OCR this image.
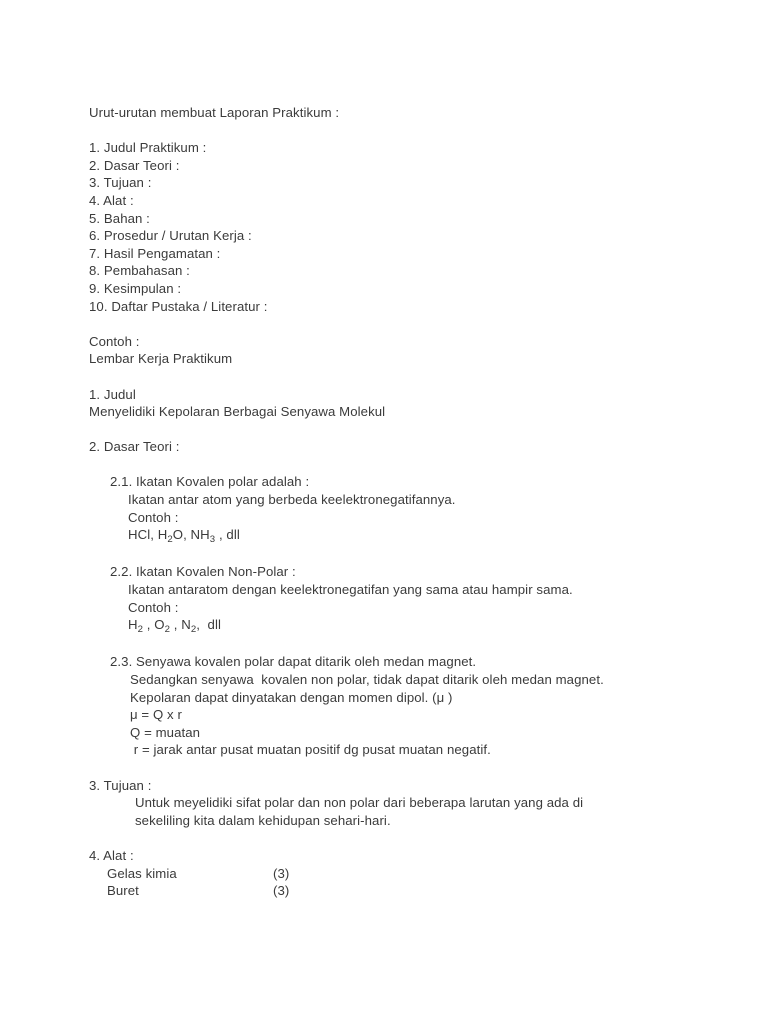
Urut-urutan membuat Laporan Praktikum :
1. Judul Praktikum :
2. Dasar Teori :
3. Tujuan :
4. Alat :
5. Bahan :
6. Prosedur / Urutan Kerja :
7. Hasil Pengamatan :
8. Pembahasan :
9. Kesimpulan :
10. Daftar Pustaka / Literatur :
Contoh :
Lembar Kerja Praktikum
1. Judul
Menyelidiki Kepolaran Berbagai Senyawa Molekul
2. Dasar Teori :
2.1. Ikatan Kovalen polar adalah :
Ikatan antar atom yang berbeda keelektronegatifannya.
Contoh :
HCl, $H_2O$, $NH_3$ , dll
2.2. Ikatan Kovalen Non-Polar :
Ikatan antaratom dengan keelektronegatifan yang sama atau hampir sama.
Contoh :
$H_2$ , $O_2$ , $N_2$,  dll
2.3. Senyawa kovalen polar dapat ditarik oleh medan magnet.
Sedangkan senyawa  kovalen non polar, tidak dapat ditarik oleh medan magnet.
Kepolaran dapat dinyatakan dengan momen dipol. (μ )
μ = Q x r
Q = muatan
r = jarak antar pusat muatan positif dg pusat muatan negatif.
3. Tujuan :
Untuk meyelidiki sifat polar dan non polar dari beberapa larutan yang ada di
sekeliling kita dalam kehidupan sehari-hari.
4. Alat :
Gelas kimia	(3)
Buret	(3)
